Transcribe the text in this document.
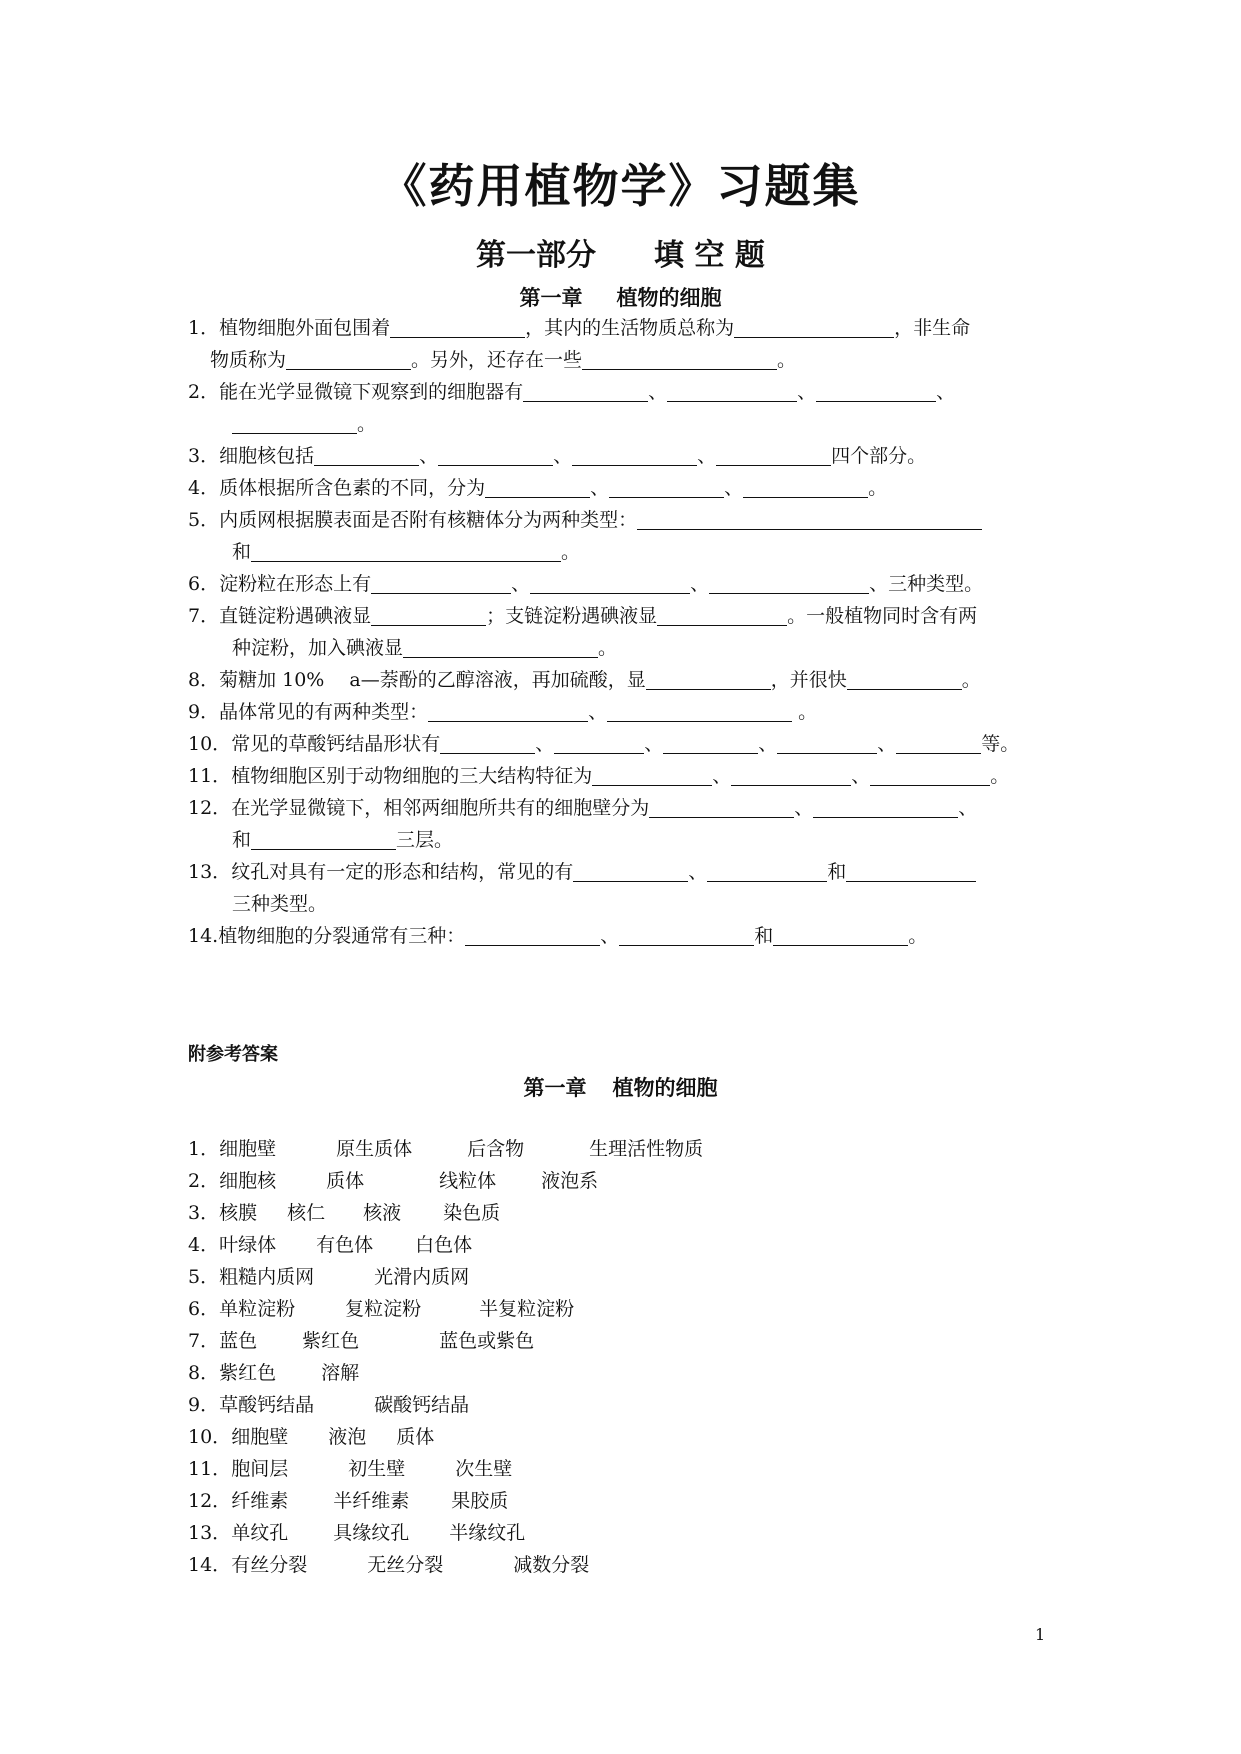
《药用植物学》习题集
第一部分 填 空 题
第一章 植物的细胞
1．植物细胞外面包围着	，其内的生活物质总称为	，非生命
物质称为	。另外，还存在一些	。
2．能在光学显微镜下观察到的细胞器有	、	、	、
。
3．细胞核包括	、	、	、	四个部分。
4．质体根据所含色素的不同，分为	、	、	。
5．内质网根据膜表面是否附有核糖体分为两种类型：
和	。
6．淀粉粒在形态上有	、	、	、三种类型。
7．直链淀粉遇碘液显	；支链淀粉遇碘液显	。一般植物同时含有两
种淀粉，加入碘液显	。
8．菊糖加 10%　 a—萘酚的乙醇溶液，再加硫酸，显	，并很快	。
9．晶体常见的有两种类型：	、	。
10．常见的草酸钙结晶形状有	、	、	、	、	等。
11．植物细胞区别于动物细胞的三大结构特征为	、	、	。
12．在光学显微镜下，相邻两细胞所共有的细胞壁分为	、	、
和	三层。
13．纹孔对具有一定的形态和结构，常见的有	、	和
三种类型。
14.植物细胞的分裂通常有三种：	、	和	。
附参考答案
第一章 植物的细胞
1．细胞壁	原生质体	后含物	生理活性物质
2．细胞核	质体	线粒体 液泡系
3．核膜 核仁 核液 染色质
4．叶绿体 有色体 白色体
5．粗糙内质网	光滑内质网
6．单粒淀粉	复粒淀粉	半复粒淀粉
7．蓝色 紫红色	蓝色或紫色
8．紫红色 溶解
9．草酸钙结晶	碳酸钙结晶
10．细胞壁 液泡 质体
11．胞间层	初生壁	次生壁
12．纤维素 半纤维素 果胶质
13．单纹孔 具缘纹孔 半缘纹孔
14．有丝分裂	无丝分裂	减数分裂
1
